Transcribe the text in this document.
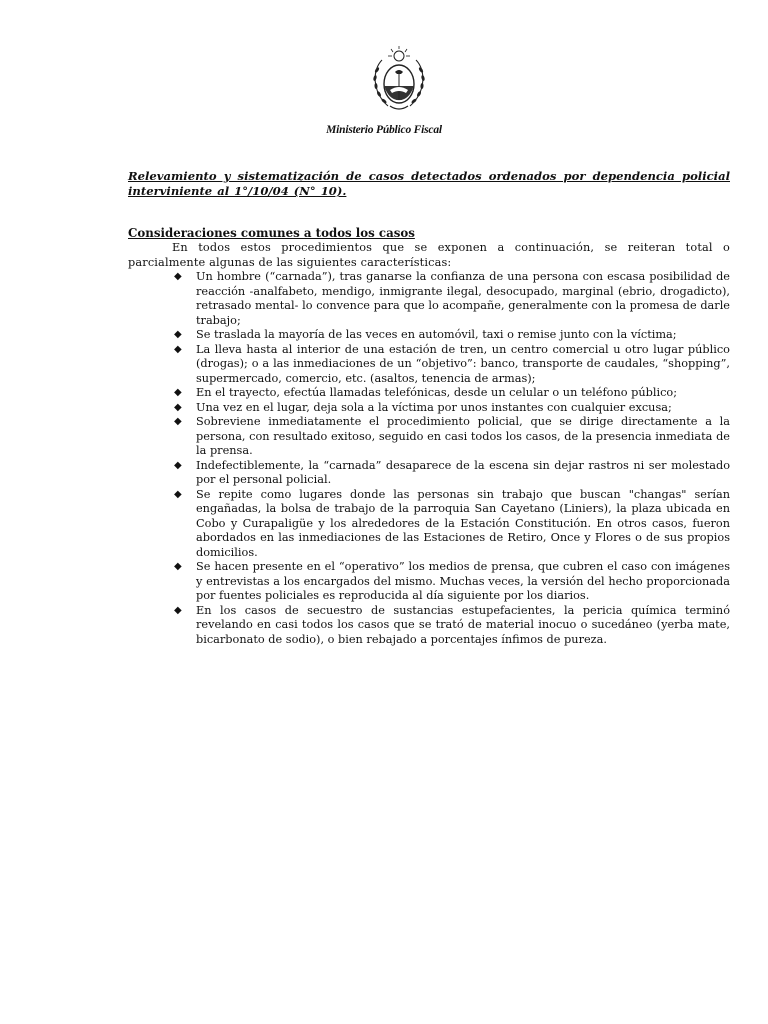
Ministerio Público Fiscal

Relevamiento y sistematización de casos detectados ordenados por dependencia policial interviniente al 1°/10/04 (N° 10).

Consideraciones comunes a todos los casos

En todos estos procedimientos que se exponen a continuación, se reiteran total o parcialmente algunas de las siguientes características:

◆ Un hombre (“carnada”), tras ganarse la confianza de una persona con escasa posibilidad de reacción -analfabeto, mendigo, inmigrante ilegal, desocupado, marginal (ebrio, drogadicto), retrasado mental- lo convence para que lo acompañe, generalmente con la promesa de darle trabajo;
◆ Se traslada la mayoría de las veces en automóvil, taxi o remise junto con la víctima;
◆ La lleva hasta al interior de una estación de tren, un centro comercial u otro lugar público (drogas); o a las inmediaciones de un “objetivo”: banco, transporte de caudales, “shopping”, supermercado, comercio, etc. (asaltos, tenencia de armas);
◆ En el trayecto, efectúa llamadas telefónicas, desde un celular o un teléfono público;
◆ Una vez en el lugar, deja sola a la víctima por unos instantes con cualquier excusa;
◆ Sobreviene inmediatamente el procedimiento policial, que se dirige directamente a la persona, con resultado exitoso, seguido en casi todos los casos, de la presencia inmediata de la prensa.
◆ Indefectiblemente, la “carnada” desaparece de la escena sin dejar rastros ni ser molestado por el personal policial.
◆ Se repite como lugares donde las personas sin trabajo que buscan "changas" serían engañadas, la bolsa de trabajo de la parroquia San Cayetano (Liniers), la plaza ubicada en Cobo y Curapaligüe y los alrededores de la Estación Constitución. En otros casos, fueron abordados en las inmediaciones de las Estaciones de Retiro, Once y Flores o de sus propios domicilios.
◆ Se hacen presente en el “operativo” los medios de prensa, que cubren el caso con imágenes y entrevistas a los encargados del mismo. Muchas veces, la versión del hecho proporcionada por fuentes policiales es reproducida al día siguiente por los diarios.
◆ En los casos de secuestro de sustancias estupefacientes, la pericia química terminó revelando en casi todos los casos que se trató de material inocuo o sucedáneo (yerba mate, bicarbonato de sodio), o bien rebajado a porcentajes ínfimos de pureza.
